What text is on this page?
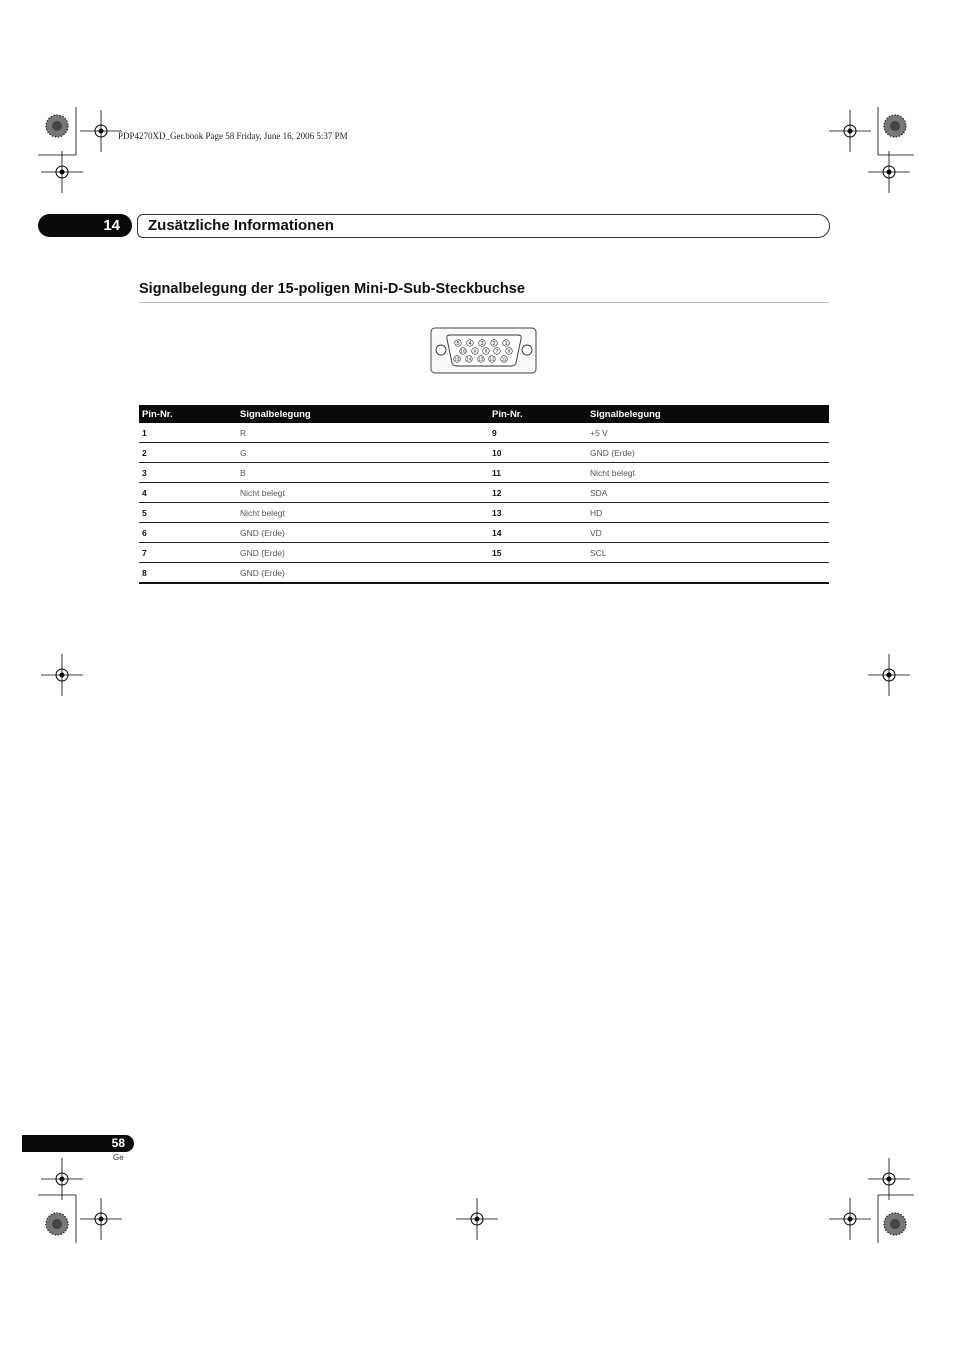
PDP4270XD_Ger.book Page 58 Friday, June 16, 2006 5:37 PM
14 Zusätzliche Informationen
Signalbelegung der 15-poligen Mini-D-Sub-Steckbuchse
5 4 3 2 1
10 9 8 7 6
15 14 13 12 11
Pin-Nr.	Signalbelegung	Pin-Nr.	Signalbelegung
1	R	9	+5 V
2	G	10	GND (Erde)
3	B	11	Nicht belegt
4	Nicht belegt	12	SDA
5	Nicht belegt	13	HD
6	GND (Erde)	14	VD
7	GND (Erde)	15	SCL
8	GND (Erde)		
58
Ge
